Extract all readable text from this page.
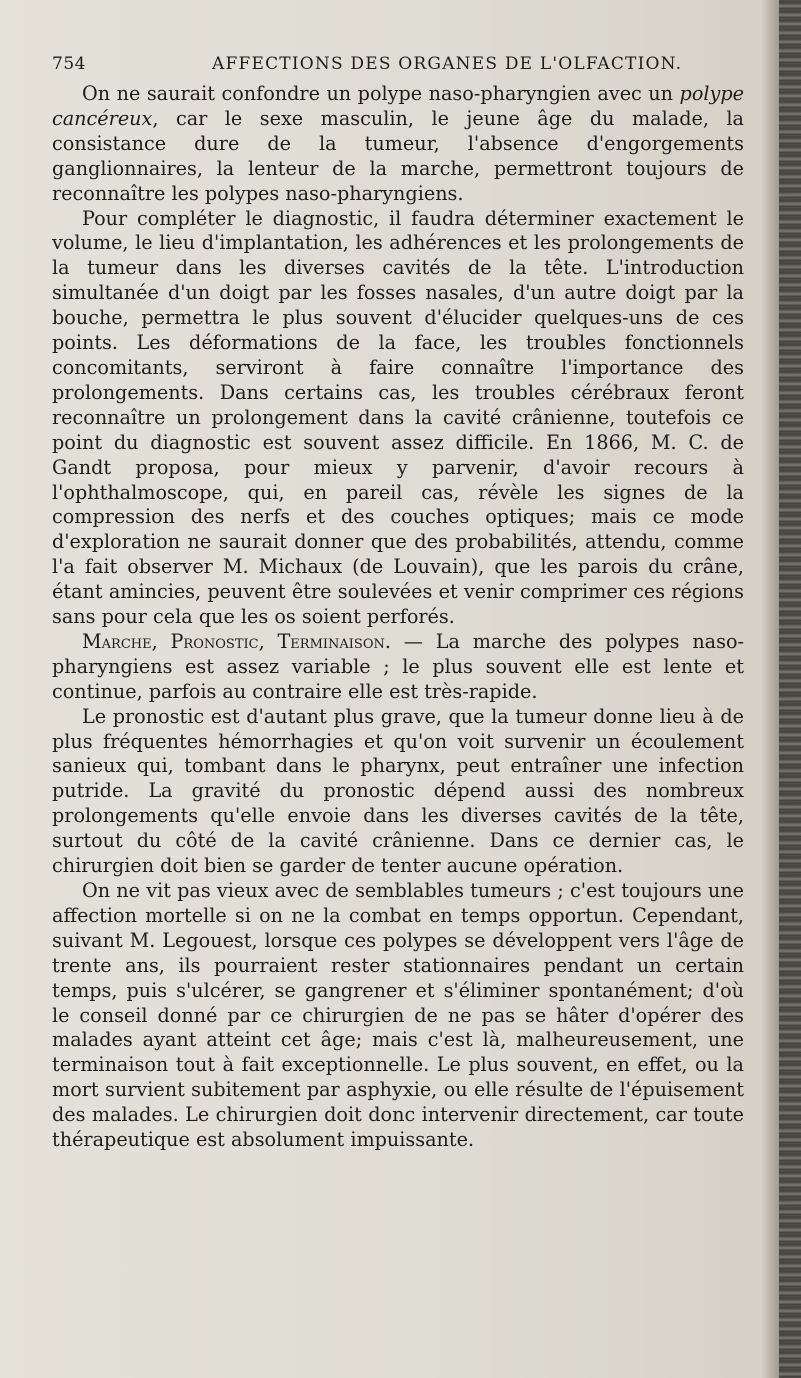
754	AFFECTIONS DES ORGANES DE L'OLFACTION.

On ne saurait confondre un polype naso-pharyngien avec un polype cancéreux, car le sexe masculin, le jeune âge du malade, la consistance dure de la tumeur, l'absence d'engorgements ganglionnaires, la lenteur de la marche, permettront toujours de reconnaître les polypes naso-pharyngiens.

Pour compléter le diagnostic, il faudra déterminer exactement le volume, le lieu d'implantation, les adhérences et les prolongements de la tumeur dans les diverses cavités de la tête. L'introduction simultanée d'un doigt par les fosses nasales, d'un autre doigt par la bouche, permettra le plus souvent d'élucider quelques-uns de ces points. Les déformations de la face, les troubles fonctionnels concomitants, serviront à faire connaître l'importance des prolongements. Dans certains cas, les troubles cérébraux feront reconnaître un prolongement dans la cavité crânienne, toutefois ce point du diagnostic est souvent assez difficile. En 1866, M. C. de Gandt proposa, pour mieux y parvenir, d'avoir recours à l'ophthalmoscope, qui, en pareil cas, révèle les signes de la compression des nerfs et des couches optiques; mais ce mode d'exploration ne saurait donner que des probabilités, attendu, comme l'a fait observer M. Michaux (de Louvain), que les parois du crâne, étant amincies, peuvent être soulevées et venir comprimer ces régions sans pour cela que les os soient perforés.

Marche, Pronostic, Terminaison. — La marche des polypes naso-pharyngiens est assez variable ; le plus souvent elle est lente et continue, parfois au contraire elle est très-rapide.

Le pronostic est d'autant plus grave, que la tumeur donne lieu à de plus fréquentes hémorrhagies et qu'on voit survenir un écoulement sanieux qui, tombant dans le pharynx, peut entraîner une infection putride. La gravité du pronostic dépend aussi des nombreux prolongements qu'elle envoie dans les diverses cavités de la tête, surtout du côté de la cavité crânienne. Dans ce dernier cas, le chirurgien doit bien se garder de tenter aucune opération.

On ne vit pas vieux avec de semblables tumeurs ; c'est toujours une affection mortelle si on ne la combat en temps opportun. Cependant, suivant M. Legouest, lorsque ces polypes se développent vers l'âge de trente ans, ils pourraient rester stationnaires pendant un certain temps, puis s'ulcérer, se gangrener et s'éliminer spontanément; d'où le conseil donné par ce chirurgien de ne pas se hâter d'opérer des malades ayant atteint cet âge; mais c'est là, malheureusement, une terminaison tout à fait exceptionnelle. Le plus souvent, en effet, ou la mort survient subitement par asphyxie, ou elle résulte de l'épuisement des malades. Le chirurgien doit donc intervenir directement, car toute thérapeutique est absolument impuissante.
